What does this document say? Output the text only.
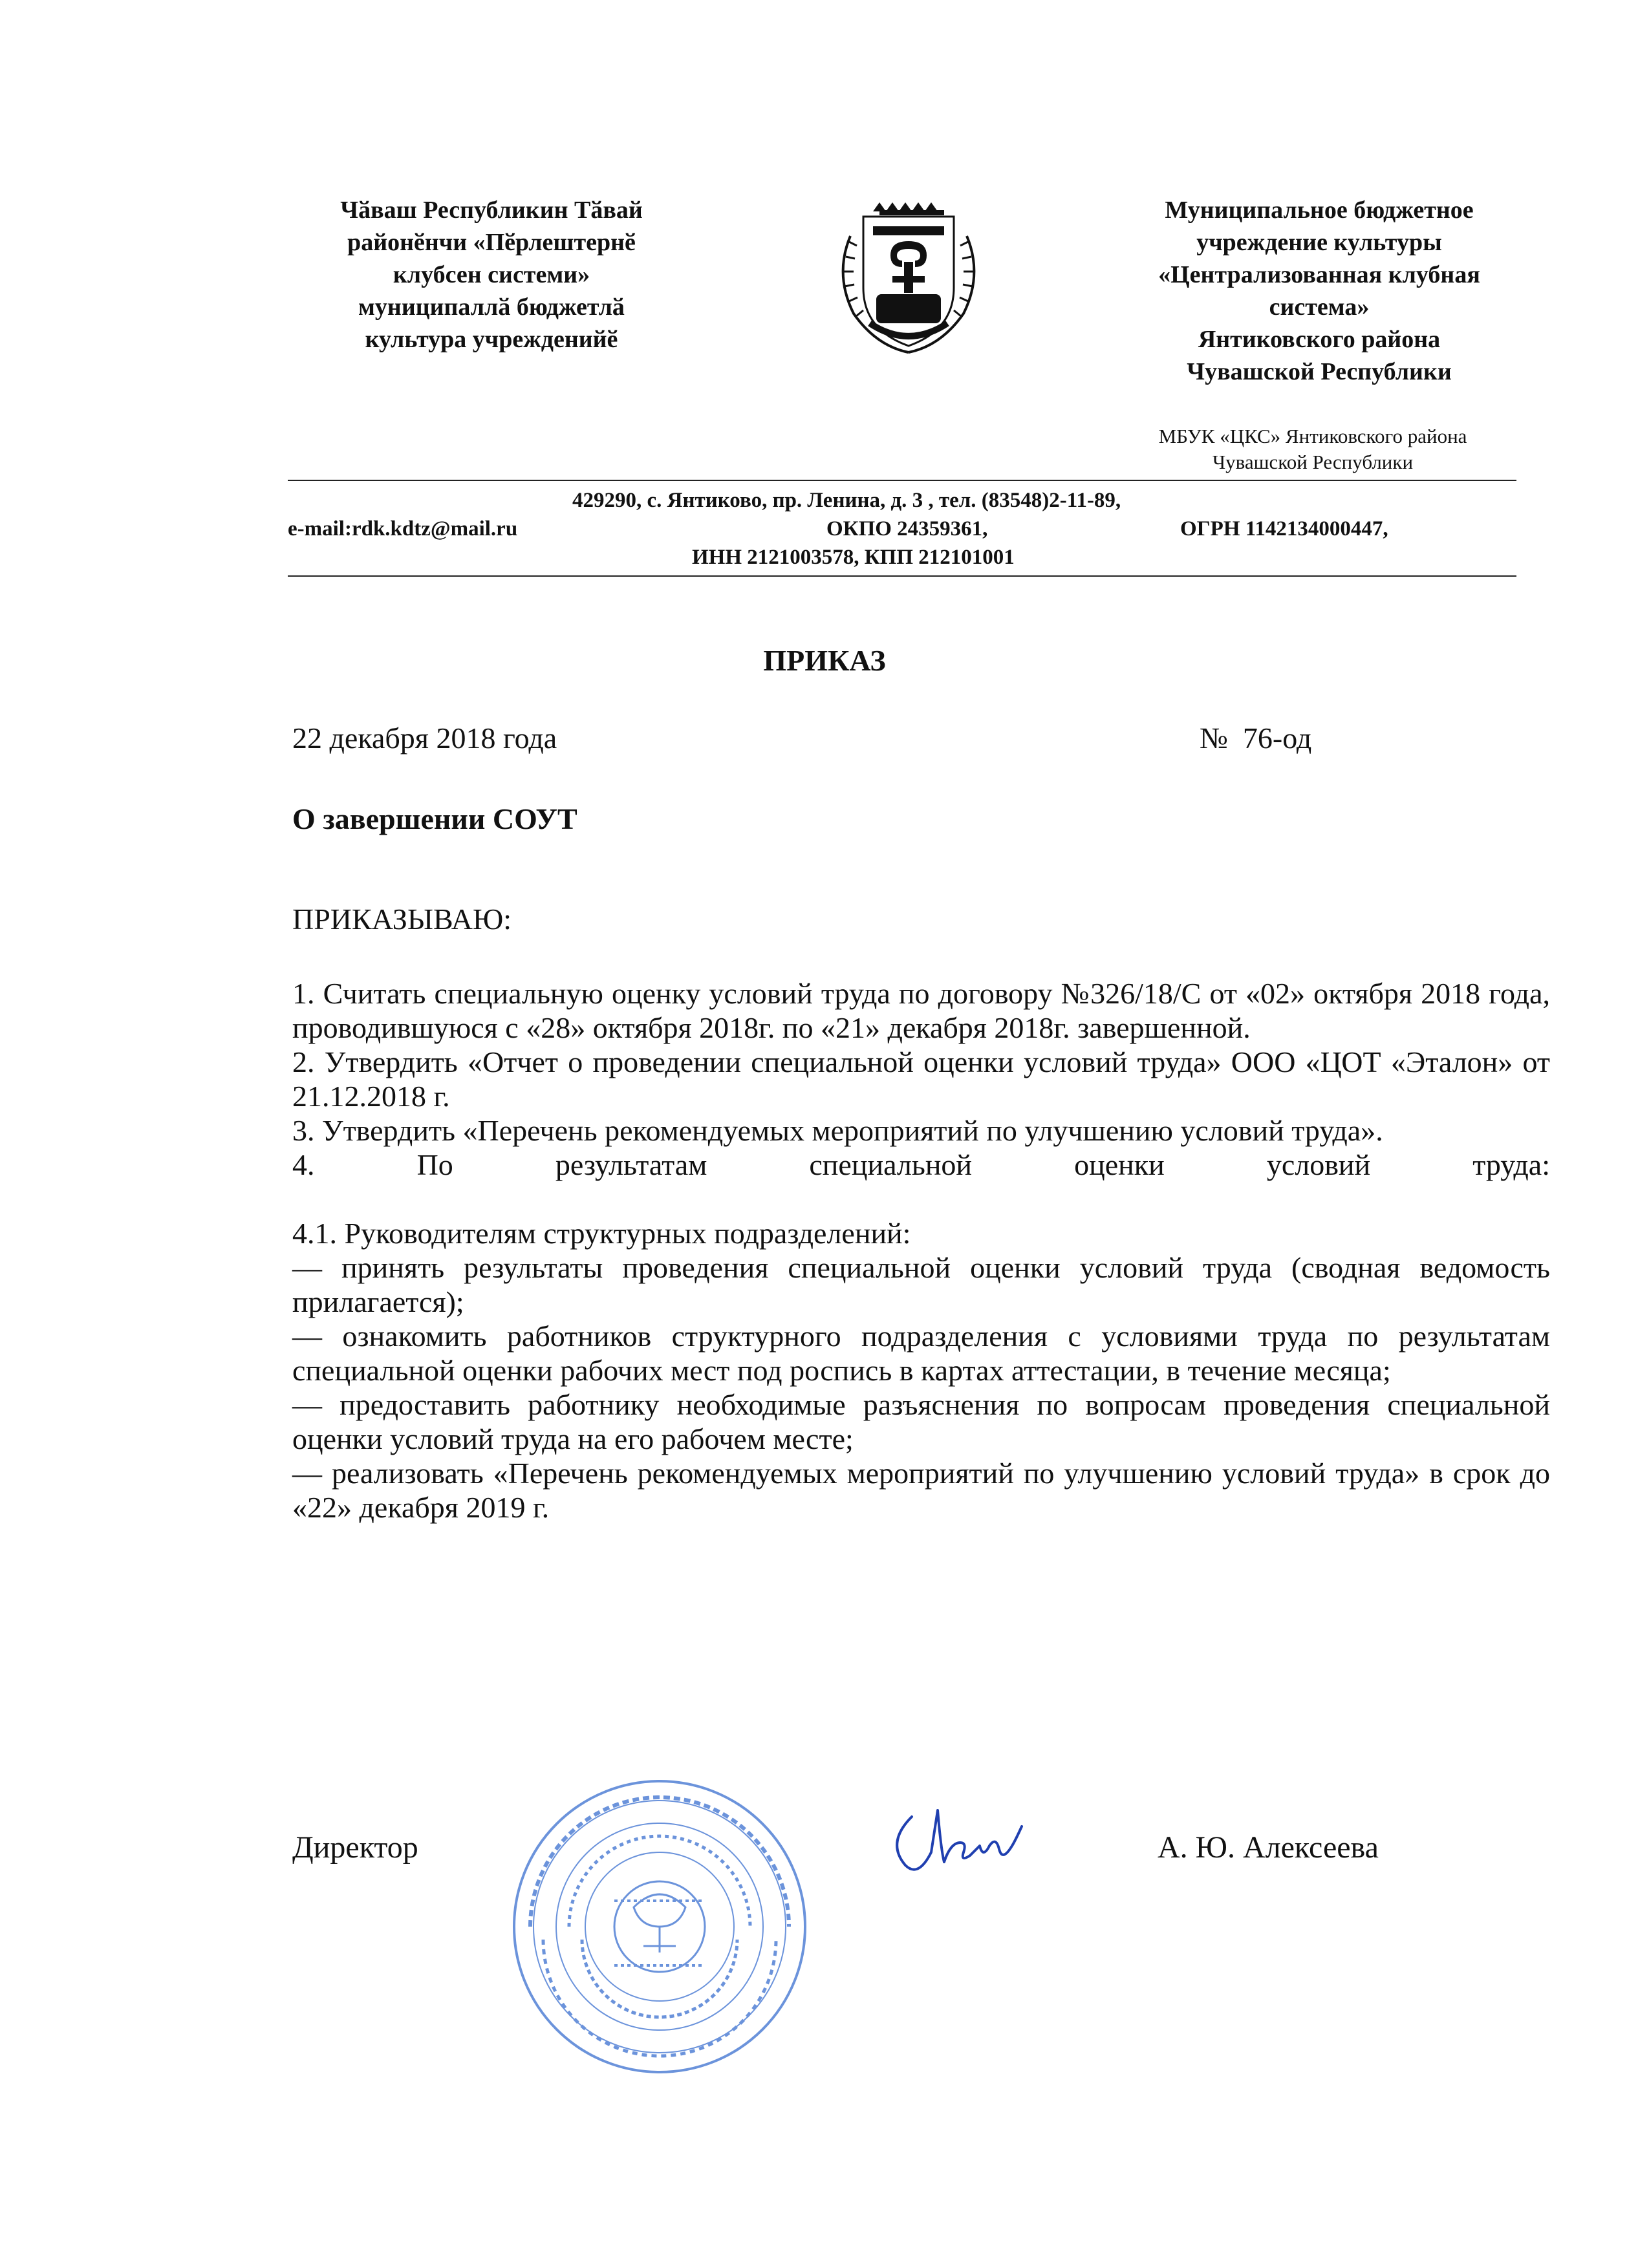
Чӑваш Республикин Тӑвай
районӗнчи «Пӗрлештернӗ
клубсен системи»
муниципаллӑ бюджетлӑ
культура учрежденийӗ
Муниципальное бюджетное
учреждение культуры
«Централизованная клубная
система»
Янтиковского района
Чувашской Республики
МБУК «ЦКС» Янтиковского района
Чувашской Республики
429290, с. Янтиково, пр. Ленина, д. 3 , тел. (83548)2-11-89,
e-mail:rdk.kdtz@mail.ru	ОКПО 24359361,	ОГРН 1142134000447,
ИНН 2121003578, КПП 212101001
ПРИКАЗ
22 декабря 2018 года	№  76-од
О завершении СОУТ
ПРИКАЗЫВАЮ:

1. Считать специальную оценку условий труда по договору №326/18/С от «02» октября 2018 года, проводившуюся с «28» октября 2018г. по «21» декабря 2018г. завершенной.

2. Утвердить «Отчет о проведении специальной оценки условий труда» ООО «ЦОТ «Эталон» от 21.12.2018 г.

3. Утвердить «Перечень рекомендуемых мероприятий по улучшению условий труда».

4. По результатам специальной оценки условий труда:

4.1. Руководителям структурных подразделений:

— принять результаты проведения специальной оценки условий труда (сводная ведомость прилагается);

— ознакомить работников структурного подразделения с условиями труда по результатам специальной оценки рабочих мест под роспись в картах аттестации, в течение месяца;

— предоставить работнику необходимые разъяснения по вопросам проведения специальной оценки условий труда на его рабочем месте;

— реализовать «Перечень рекомендуемых мероприятий по улучшению условий труда» в срок до «22» декабря 2019 г.

Директор	А. Ю. Алексеева
